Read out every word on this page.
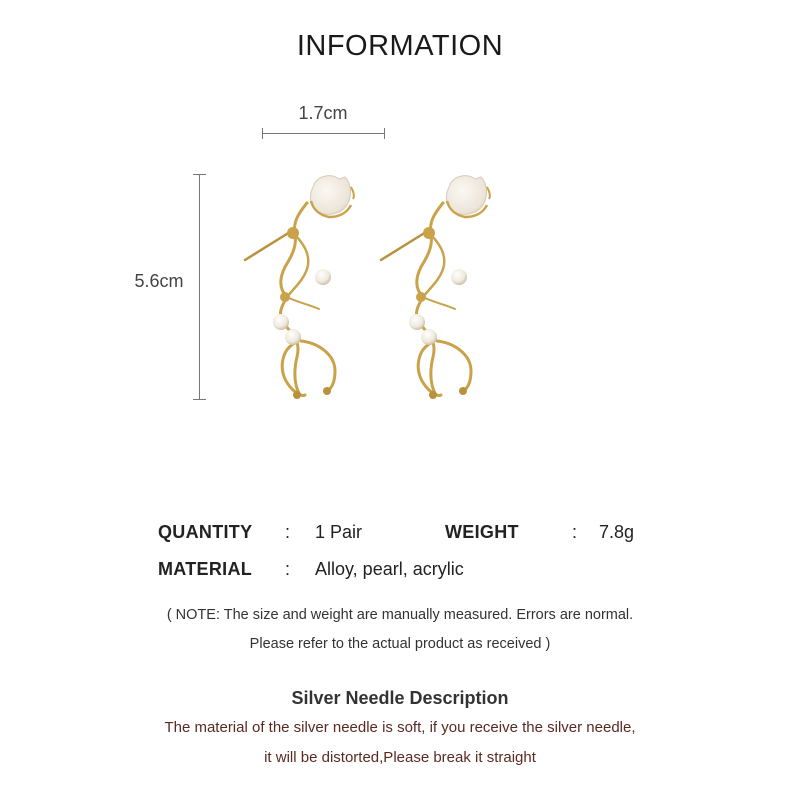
INFORMATION
1.7cm
5.6cm
QUANTITY : 1 Pair	WEIGHT	: 7.8g
MATERIAL : Alloy, pearl, acrylic
( NOTE: The size and weight are manually measured. Errors are normal.
Please refer to the actual product as received )
Silver Needle Description
The material of the silver needle is soft, if you receive the silver needle,
it will be distorted,Please break it straight
